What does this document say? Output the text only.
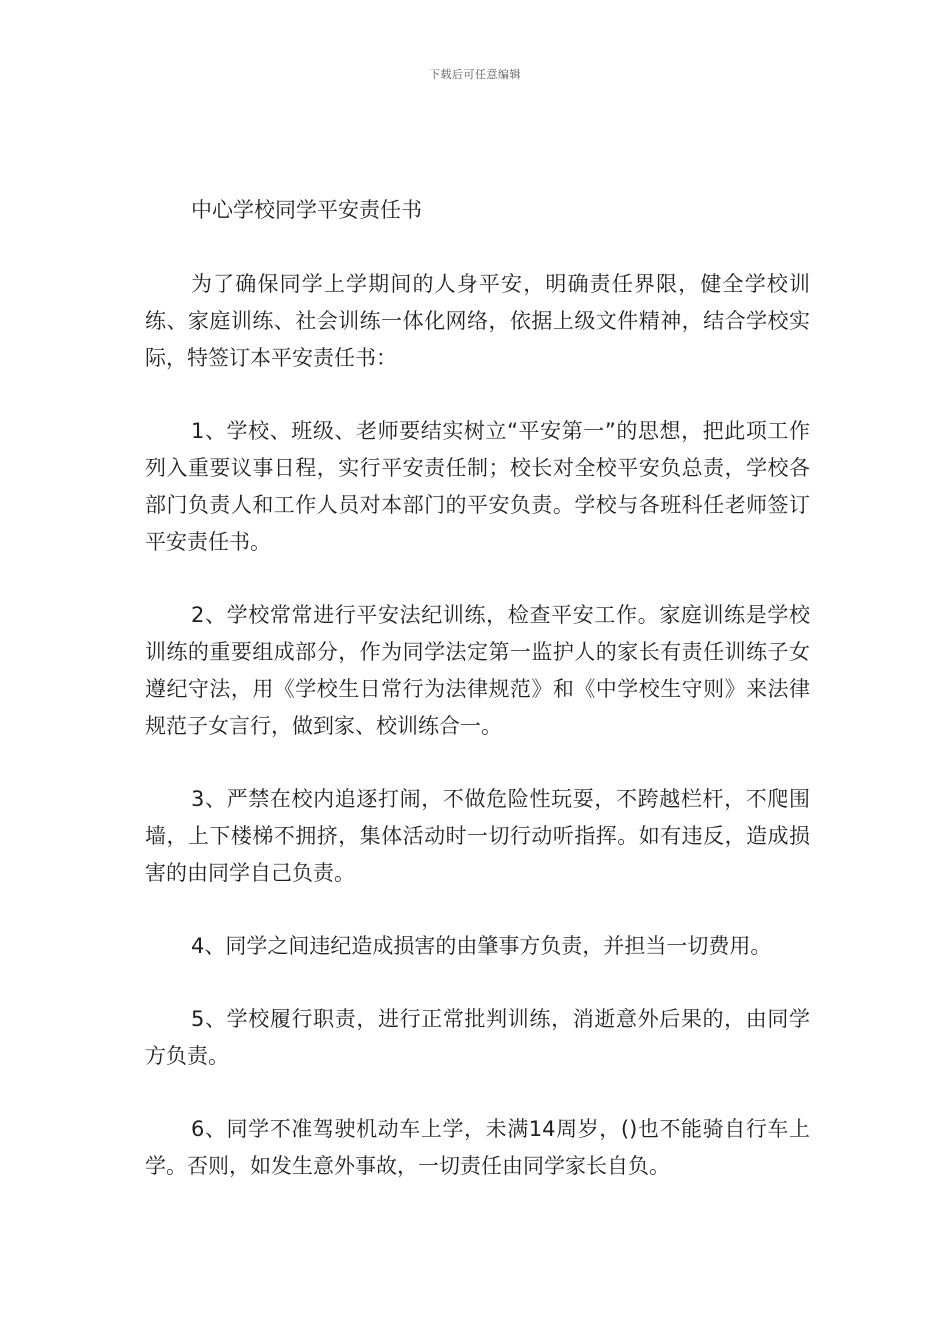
下载后可任意编辑
中心学校同学平安责任书

为了确保同学上学期间的人身平安，明确责任界限，健全学校训练、家庭训练、社会训练一体化网络，依据上级文件精神，结合学校实际，特签订本平安责任书：

1、学校、班级、老师要结实树立“平安第一”的思想，把此项工作列入重要议事日程，实行平安责任制；校长对全校平安负总责，学校各部门负责人和工作人员对本部门的平安负责。学校与各班科任老师签订平安责任书。

2、学校常常进行平安法纪训练，检查平安工作。家庭训练是学校训练的重要组成部分，作为同学法定第一监护人的家长有责任训练子女遵纪守法，用《学校生日常行为法律规范》和《中学校生守则》来法律规范子女言行，做到家、校训练合一。

3、严禁在校内追逐打闹，不做危险性玩耍，不跨越栏杆，不爬围墙，上下楼梯不拥挤，集体活动时一切行动听指挥。如有违反，造成损害的由同学自己负责。

4、同学之间违纪造成损害的由肇事方负责，并担当一切费用。

5、学校履行职责，进行正常批判训练，消逝意外后果的，由同学方负责。

6、同学不准驾驶机动车上学，未满14周岁，()也不能骑自行车上学。否则，如发生意外事故，一切责任由同学家长自负。
